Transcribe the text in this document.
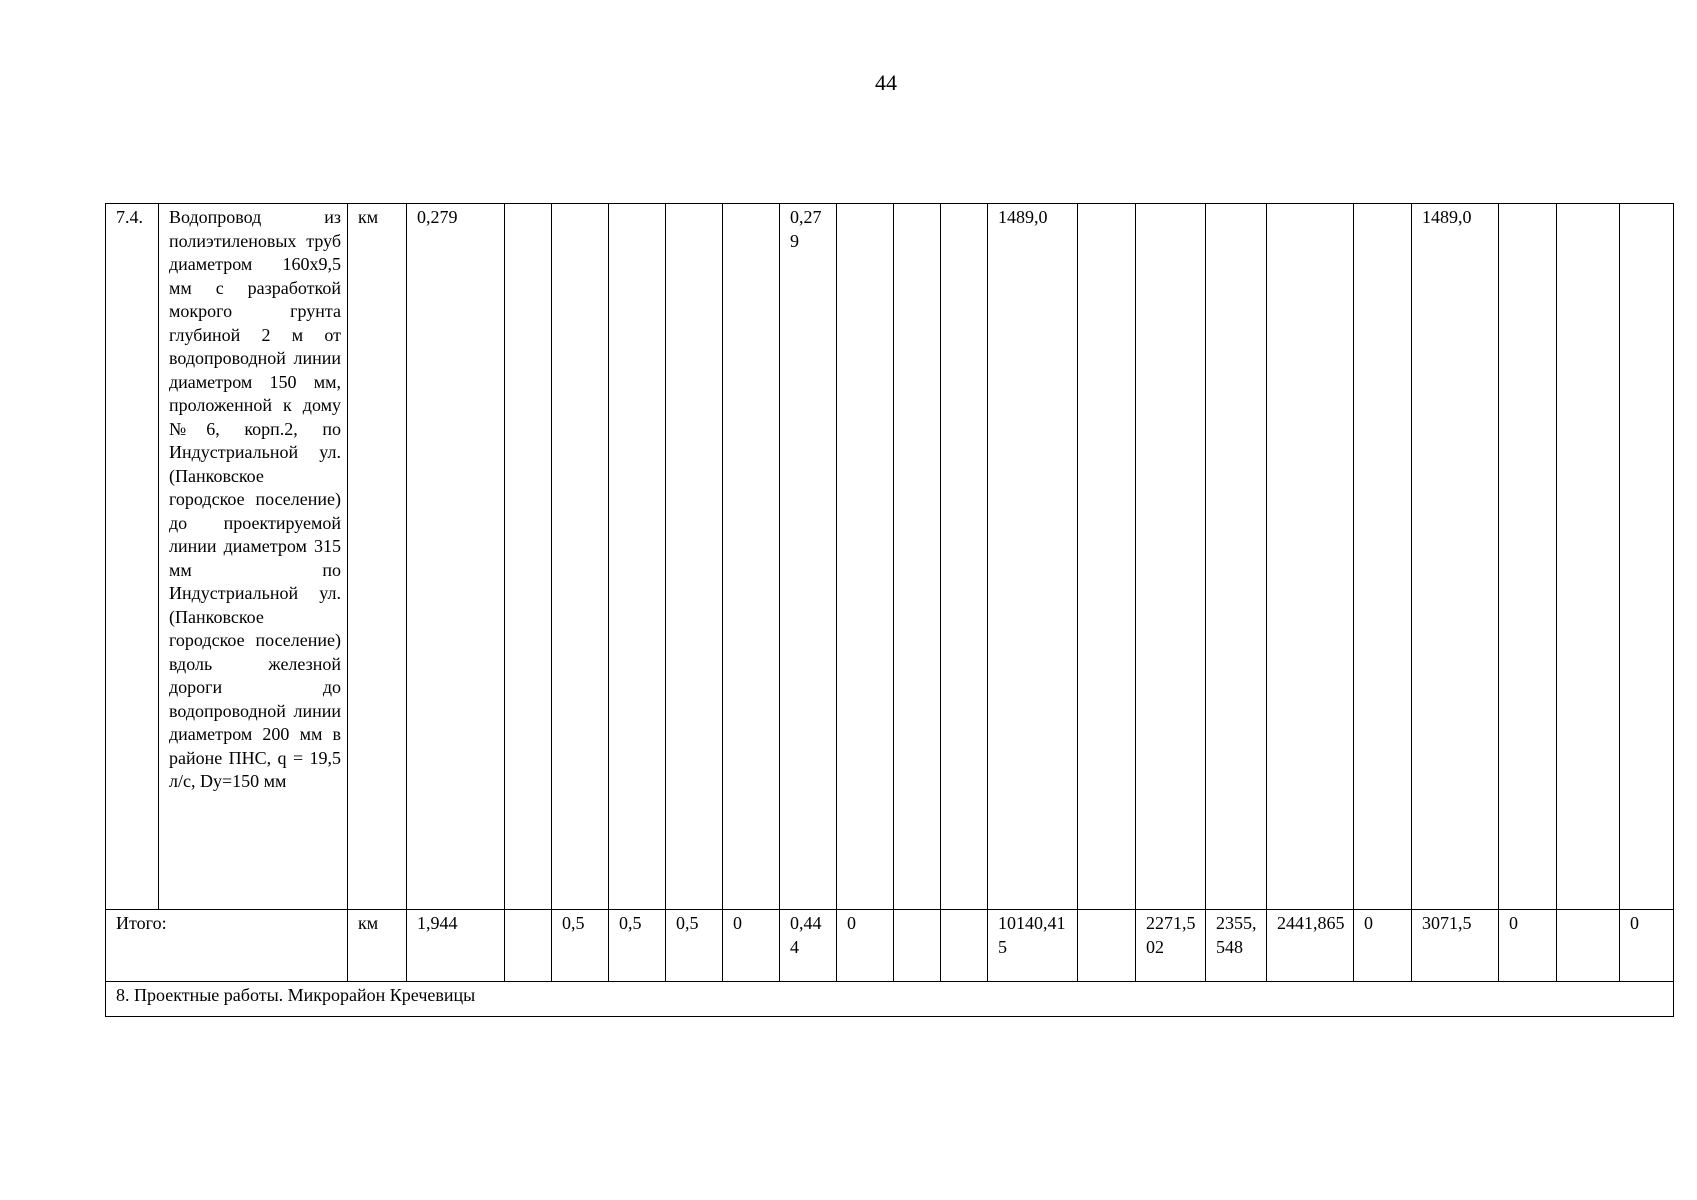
44
7.4.	Водопровод из полиэтиленовых труб диаметром 160х9,5 мм с разработкой мокрого грунта глубиной 2 м от водопроводной линии диаметром 150 мм, проложенной к дому №6, корп.2, по Индустриальной ул. (Панковское городское поселение) до проектируемой линии диаметром 315 мм по Индустриальной ул. (Панковское городское поселение) вдоль железной дороги до водопроводной линии диаметром 200 мм в районе ПНС, q = 19,5 л/с, Dу=150 мм	км	0,279						0,279				1489,0						1489,0			
Итого:		км	1,944		0,5	0,5	0,5	0	0,444	0			10140,415		2271,502	2355,548	2441,865	0	3071,5	0		0
8. Проектные работы. Микрорайон Кречевицы																						
